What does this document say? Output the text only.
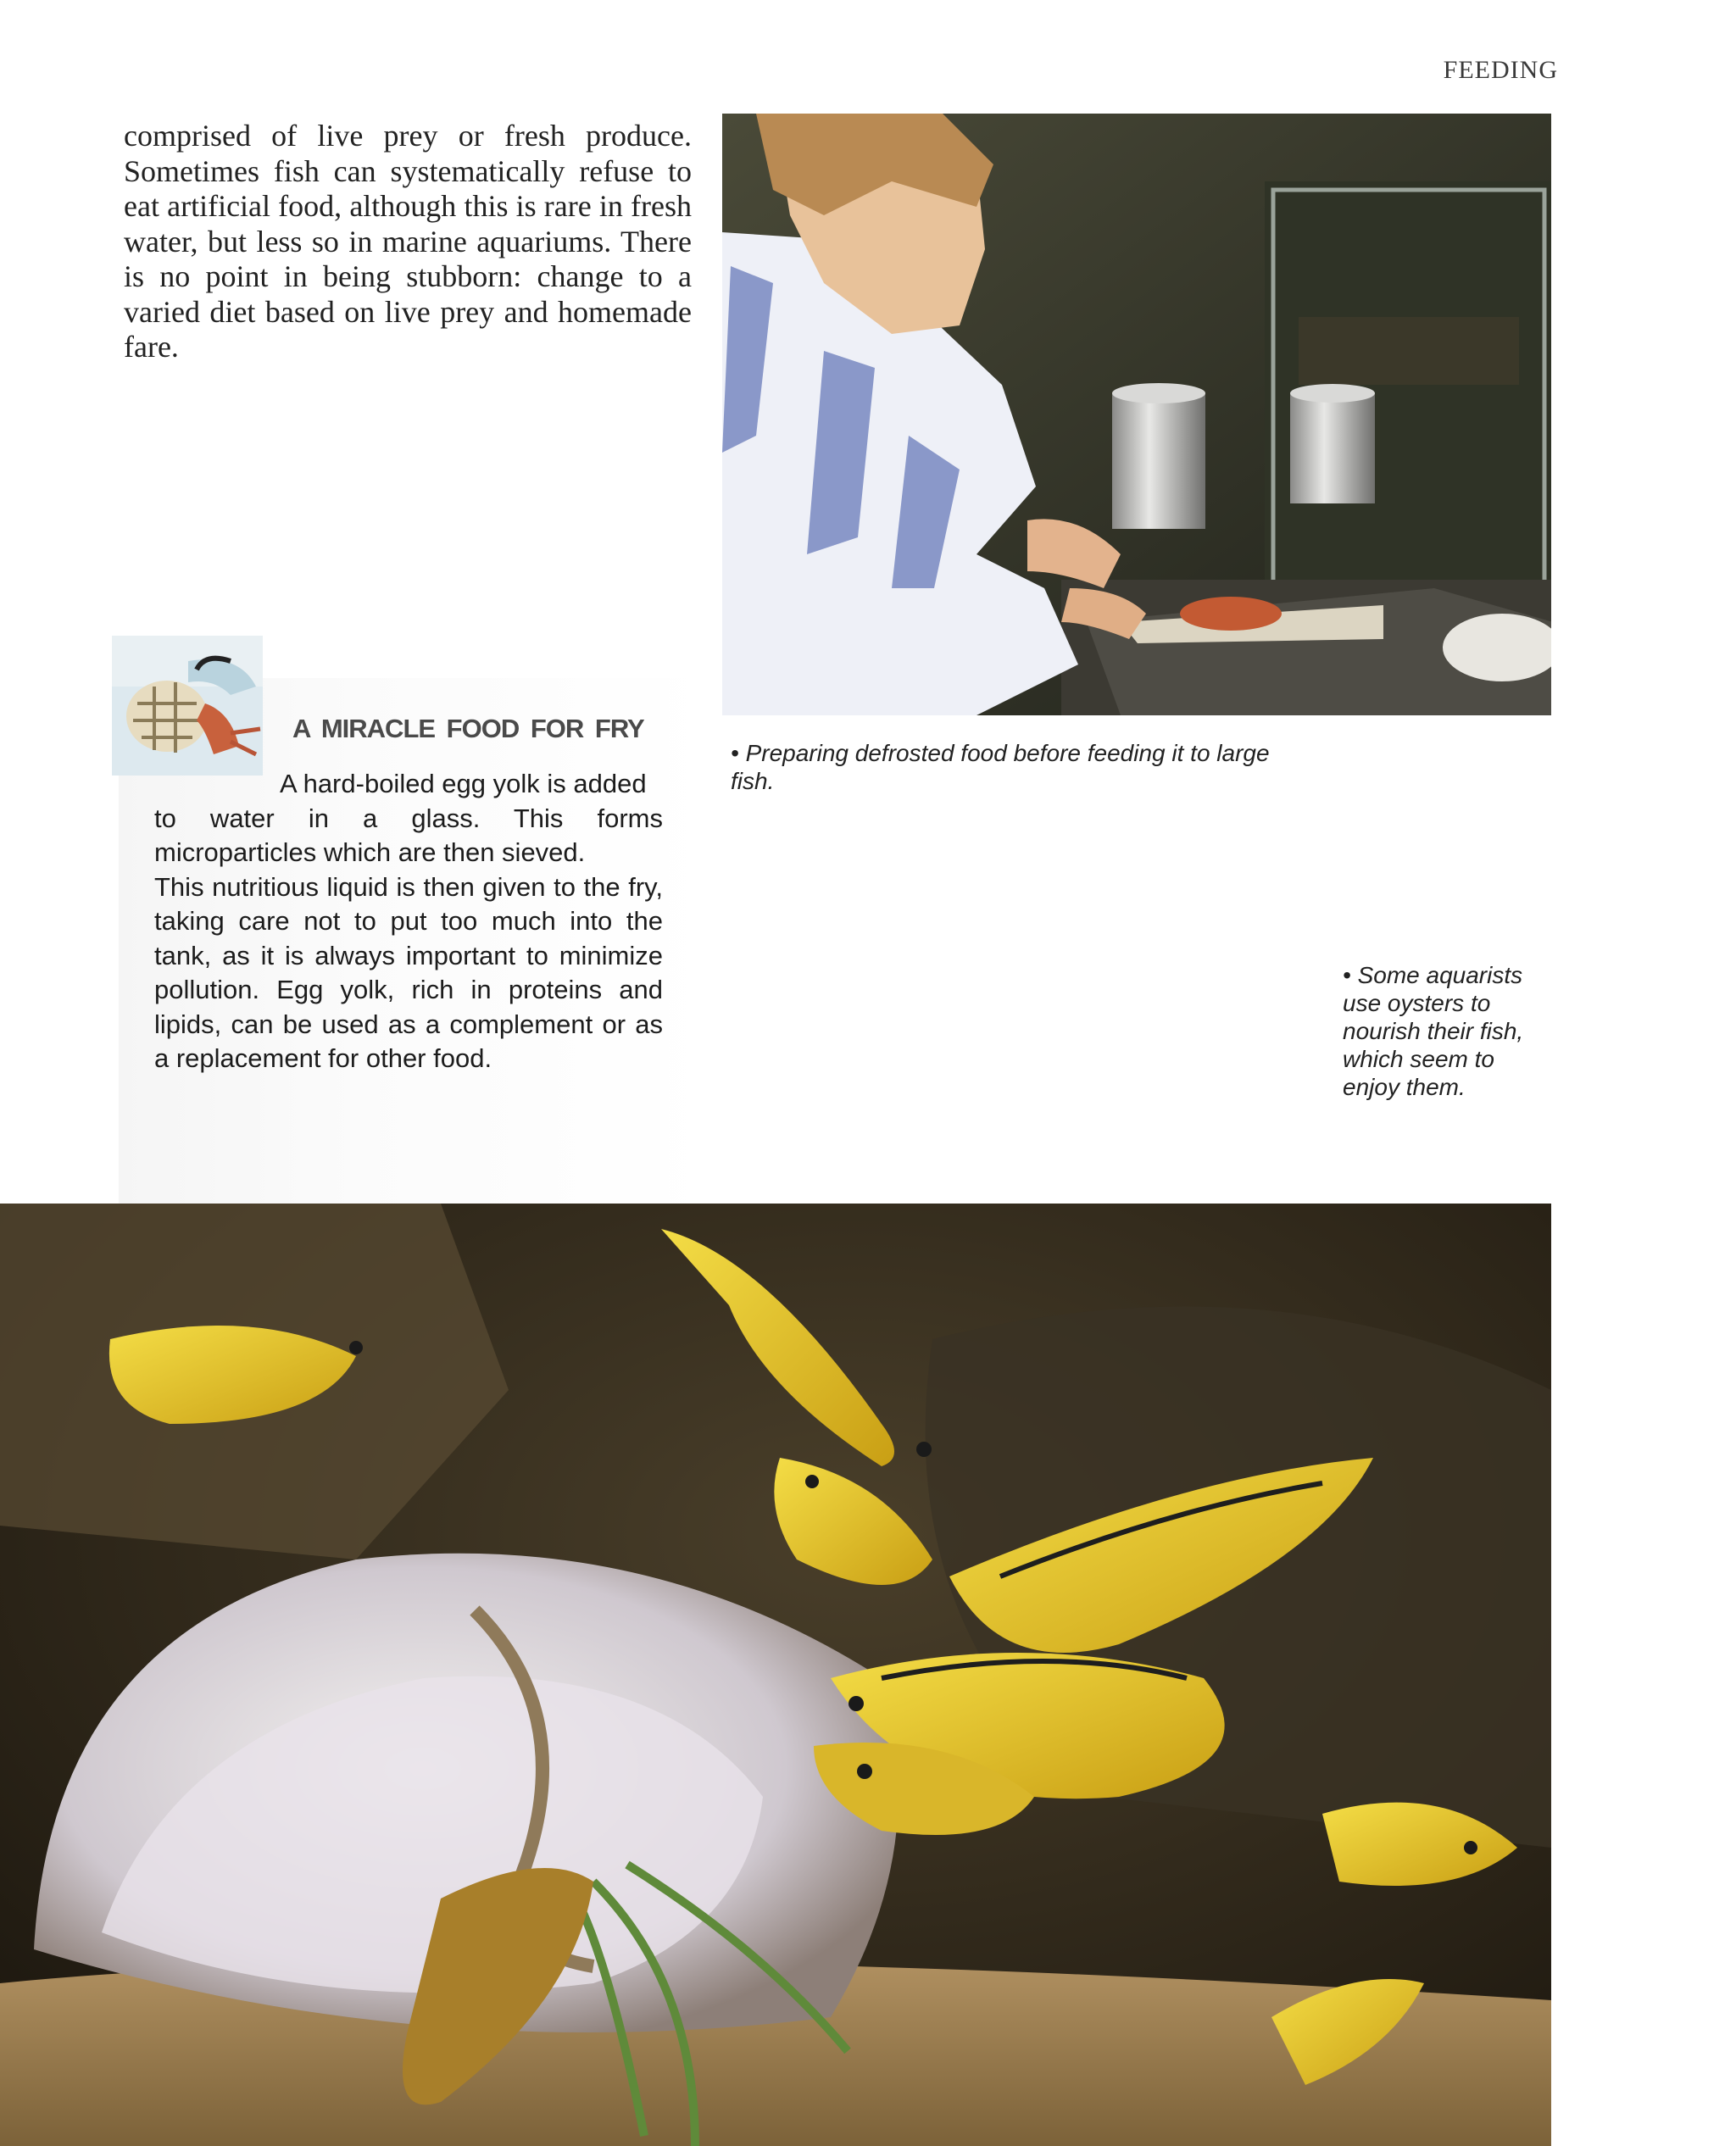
FEEDING

comprised of live prey or fresh produce. Sometimes fish can systematically refuse to eat artificial food, although this is rare in fresh water, but less so in marine aquariums. There is no point in being stubborn: change to a varied diet based on live prey and homemade fare.

A MIRACLE FOOD FOR FRY
A hard-boiled egg yolk is added
to water in a glass. This forms microparticles which are then sieved.
This nutritious liquid is then given to the fry, taking care not to put too much into the tank, as it is always important to minimize pollution. Egg yolk, rich in proteins and lipids, can be used as a complement or as a replacement for other food.

• Preparing defrosted food before feeding it to large fish.

• Some aquarists use oysters to nourish their fish, which seem to enjoy them.
